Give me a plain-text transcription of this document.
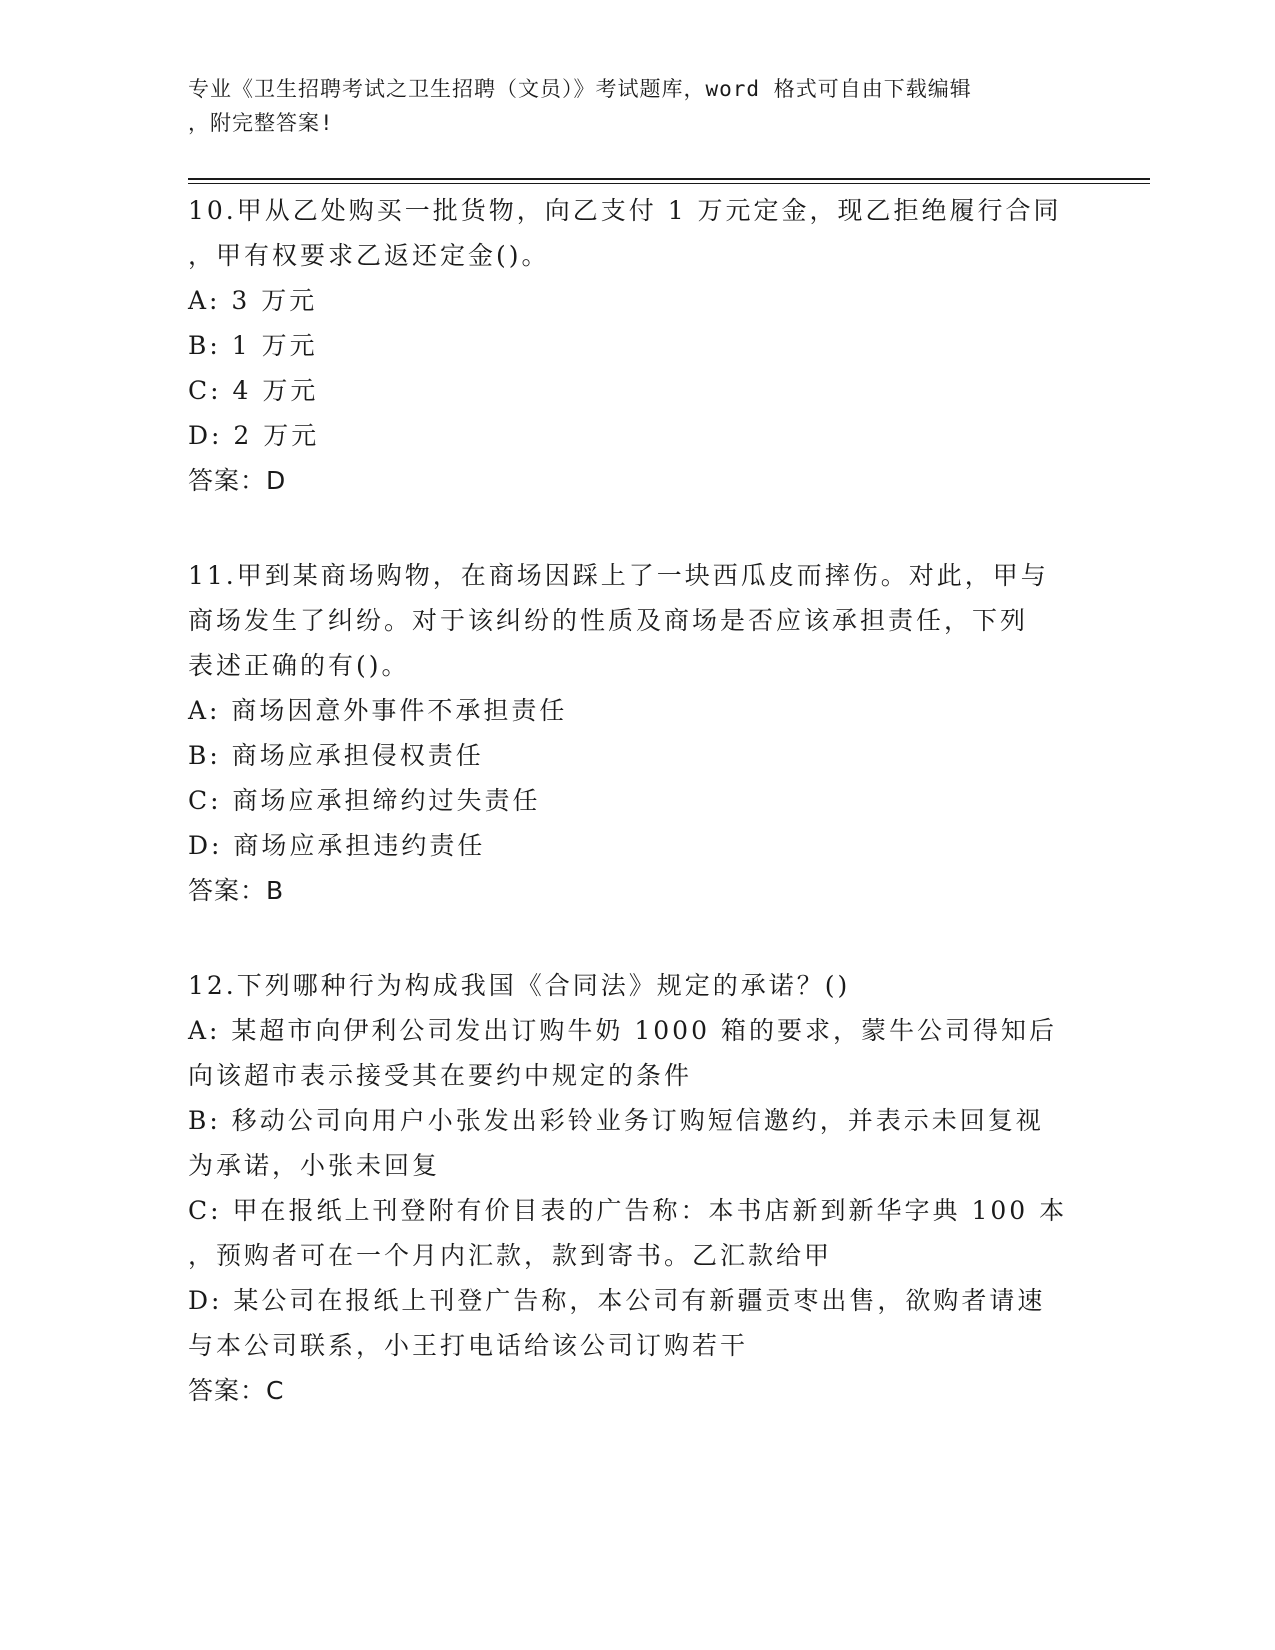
专业《卫生招聘考试之卫生招聘（文员）》考试题库，word 格式可自由下载编辑
，附完整答案!
10.甲从乙处购买一批货物，向乙支付 1 万元定金，现乙拒绝履行合同
，甲有权要求乙返还定金()。
A: 3 万元
B: 1 万元
C: 4 万元
D: 2 万元
答案：D
11.甲到某商场购物，在商场因踩上了一块西瓜皮而摔伤。对此，甲与
商场发生了纠纷。对于该纠纷的性质及商场是否应该承担责任，下列
表述正确的有()。
A: 商场因意外事件不承担责任
B: 商场应承担侵权责任
C: 商场应承担缔约过失责任
D: 商场应承担违约责任
答案：B
12.下列哪种行为构成我国《合同法》规定的承诺？()
A: 某超市向伊利公司发出订购牛奶 1000 箱的要求，蒙牛公司得知后
向该超市表示接受其在要约中规定的条件
B: 移动公司向用户小张发出彩铃业务订购短信邀约，并表示未回复视
为承诺，小张未回复
C: 甲在报纸上刊登附有价目表的广告称：本书店新到新华字典 100 本
，预购者可在一个月内汇款，款到寄书。乙汇款给甲
D: 某公司在报纸上刊登广告称，本公司有新疆贡枣出售，欲购者请速
与本公司联系，小王打电话给该公司订购若干
答案：C
